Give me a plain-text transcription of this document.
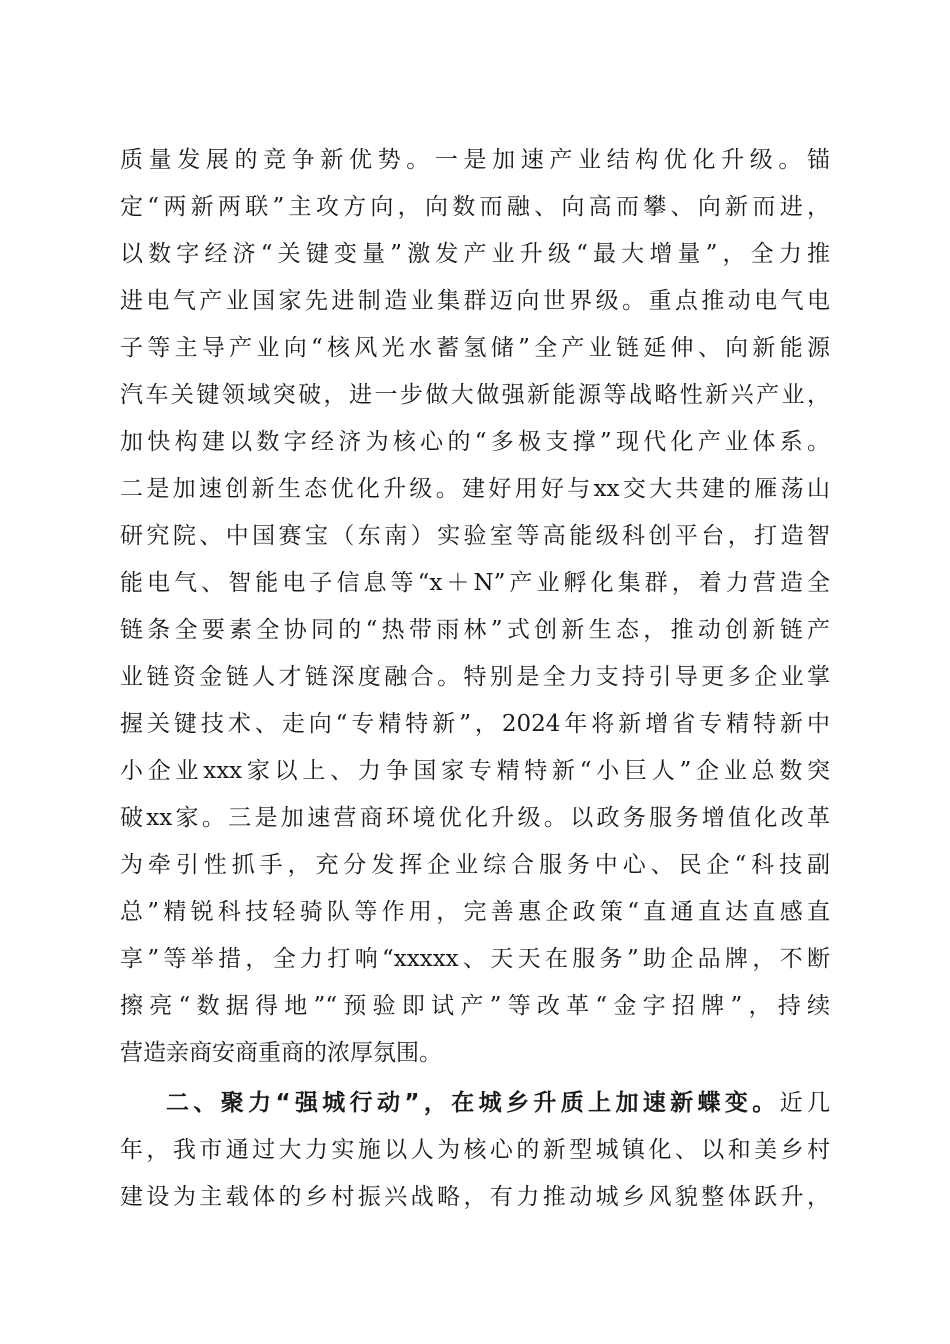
质量发展的竞争新优势。一是加速产业结构优化升级。锚
定“两新两联”主攻方向，向数而融、向高而攀、向新而进，
以数字经济“关键变量”激发产业升级“最大增量”，全力推
进电气产业国家先进制造业集群迈向世界级。重点推动电气电
子等主导产业向“核风光水蓄氢储”全产业链延伸、向新能源
汽车关键领域突破，进一步做大做强新能源等战略性新兴产业，
加快构建以数字经济为核心的“多极支撑”现代化产业体系。
二是加速创新生态优化升级。建好用好与xx交大共建的雁荡山
研究院、中国赛宝（东南）实验室等高能级科创平台，打造智
能电气、智能电子信息等“x＋N”产业孵化集群，着力营造全
链条全要素全协同的“热带雨林”式创新生态，推动创新链产
业链资金链人才链深度融合。特别是全力支持引导更多企业掌
握关键技术、走向“专精特新”，2024年将新增省专精特新中
小企业xxx家以上、力争国家专精特新“小巨人”企业总数突
破xx家。三是加速营商环境优化升级。以政务服务增值化改革
为牵引性抓手，充分发挥企业综合服务中心、民企“科技副
总”精锐科技轻骑队等作用，完善惠企政策“直通直达直感直
享”等举措，全力打响“xxxxx、天天在服务”助企品牌，不断
擦亮“数据得地”“预验即试产”等改革“金字招牌”，持续
营造亲商安商重商的浓厚氛围。
二、聚力“强城行动”，在城乡升质上加速新蝶变。近几
年，我市通过大力实施以人为核心的新型城镇化、以和美乡村
建设为主载体的乡村振兴战略，有力推动城乡风貌整体跃升，
